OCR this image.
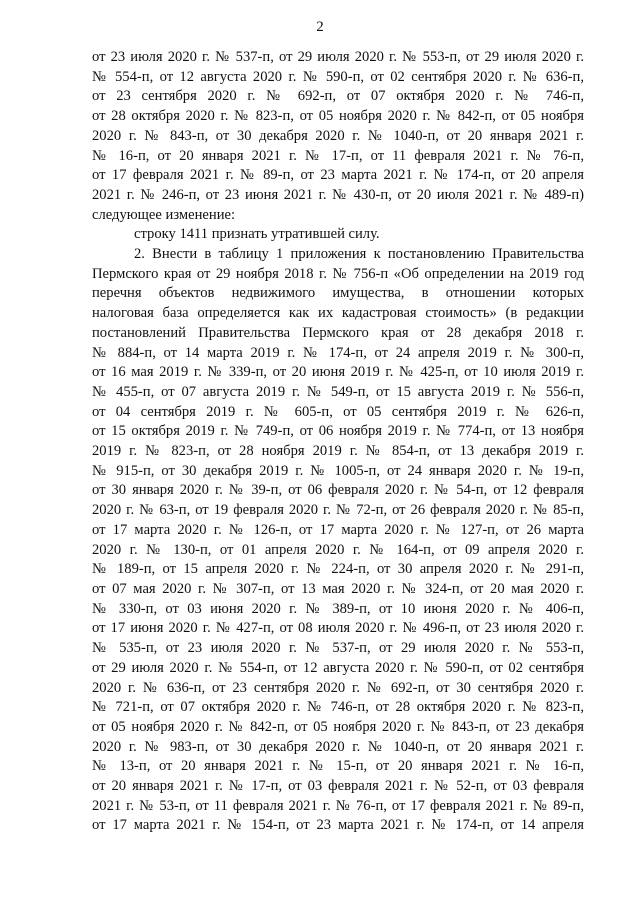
2
от 23 июля 2020 г. № 537-п, от 29 июля 2020 г. № 553-п, от 29 июля 2020 г.
№ 554-п, от 12 августа 2020 г. № 590-п, от 02 сентября 2020 г. № 636-п,
от 23 сентября 2020 г. № 692-п, от 07 октября 2020 г. № 746-п,
от 28 октября 2020 г. № 823-п, от 05 ноября 2020 г. № 842-п, от 05 ноября
2020 г. № 843-п, от 30 декабря 2020 г. № 1040-п, от 20 января 2021 г.
№ 16-п, от 20 января 2021 г. № 17-п, от 11 февраля 2021 г. № 76-п,
от 17 февраля 2021 г. № 89-п, от 23 марта 2021 г. № 174-п, от 20 апреля
2021 г. № 246-п, от 23 июня 2021 г. № 430-п, от 20 июля 2021 г. № 489-п)
следующее изменение:
строку 1411 признать утратившей силу.
2. Внести в таблицу 1 приложения к постановлению Правительства
Пермского края от 29 ноября 2018 г. № 756-п «Об определении на 2019 год
перечня объектов недвижимого имущества, в отношении которых
налоговая база определяется как их кадастровая стоимость» (в редакции
постановлений Правительства Пермского края от 28 декабря 2018 г.
№ 884-п, от 14 марта 2019 г. № 174-п, от 24 апреля 2019 г. № 300-п,
от 16 мая 2019 г. № 339-п, от 20 июня 2019 г. № 425-п, от 10 июля 2019 г.
№ 455-п, от 07 августа 2019 г. № 549-п, от 15 августа 2019 г. № 556-п,
от 04 сентября 2019 г. № 605-п, от 05 сентября 2019 г. № 626-п,
от 15 октября 2019 г. № 749-п, от 06 ноября 2019 г. № 774-п, от 13 ноября
2019 г. № 823-п, от 28 ноября 2019 г. № 854-п, от 13 декабря 2019 г.
№ 915-п, от 30 декабря 2019 г. № 1005-п, от 24 января 2020 г. № 19-п,
от 30 января 2020 г. № 39-п, от 06 февраля 2020 г. № 54-п, от 12 февраля
2020 г. № 63-п, от 19 февраля 2020 г. № 72-п, от 26 февраля 2020 г. № 85-п,
от 17 марта 2020 г. № 126-п, от 17 марта 2020 г. № 127-п, от 26 марта
2020 г. № 130-п, от 01 апреля 2020 г. № 164-п, от 09 апреля 2020 г.
№ 189-п, от 15 апреля 2020 г. № 224-п, от 30 апреля 2020 г. № 291-п,
от 07 мая 2020 г. № 307-п, от 13 мая 2020 г. № 324-п, от 20 мая 2020 г.
№ 330-п, от 03 июня 2020 г. № 389-п, от 10 июня 2020 г. № 406-п,
от 17 июня 2020 г. № 427-п, от 08 июля 2020 г. № 496-п, от 23 июля 2020 г.
№ 535-п, от 23 июля 2020 г. № 537-п, от 29 июля 2020 г. № 553-п,
от 29 июля 2020 г. № 554-п, от 12 августа 2020 г. № 590-п, от 02 сентября
2020 г. № 636-п, от 23 сентября 2020 г. № 692-п, от 30 сентября 2020 г.
№ 721-п, от 07 октября 2020 г. № 746-п, от 28 октября 2020 г. № 823-п,
от 05 ноября 2020 г. № 842-п, от 05 ноября 2020 г. № 843-п, от 23 декабря
2020 г. № 983-п, от 30 декабря 2020 г. № 1040-п, от 20 января 2021 г.
№ 13-п, от 20 января 2021 г. № 15-п, от 20 января 2021 г. № 16-п,
от 20 января 2021 г. № 17-п, от 03 февраля 2021 г. № 52-п, от 03 февраля
2021 г. № 53-п, от 11 февраля 2021 г. № 76-п, от 17 февраля 2021 г. № 89-п,
от 17 марта 2021 г. № 154-п, от 23 марта 2021 г. № 174-п, от 14 апреля
